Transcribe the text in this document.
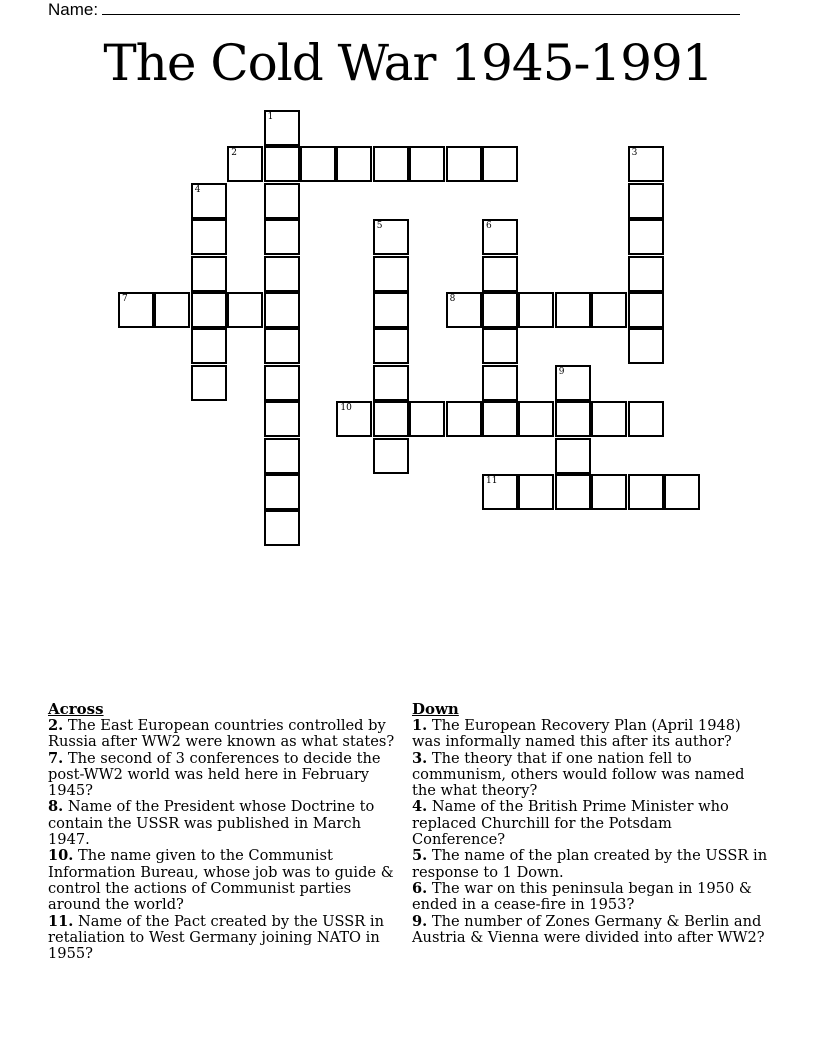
Name:
The Cold War 1945-1991
1
2	3
4
5	6
7	8
9
10
11
Across
2. The East European countries controlled by Russia after WW2 were known as what states?
7. The second of 3 conferences to decide the post-WW2 world was held here in February 1945?
8. Name of the President whose Doctrine to contain the USSR was published in March 1947.
10. The name given to the Communist Information Bureau, whose job was to guide & control the actions of Communist parties around the world?
11. Name of the Pact created by the USSR in retaliation to West Germany joining NATO in 1955?
Down
1. The European Recovery Plan (April 1948) was informally named this after its author?
3. The theory that if one nation fell to communism, others would follow was named the what theory?
4. Name of the British Prime Minister who replaced Churchill for the Potsdam Conference?
5. The name of the plan created by the USSR in response to 1 Down.
6. The war on this peninsula began in 1950 & ended in a cease-fire in 1953?
9. The number of Zones Germany & Berlin and Austria & Vienna were divided into after WW2?
